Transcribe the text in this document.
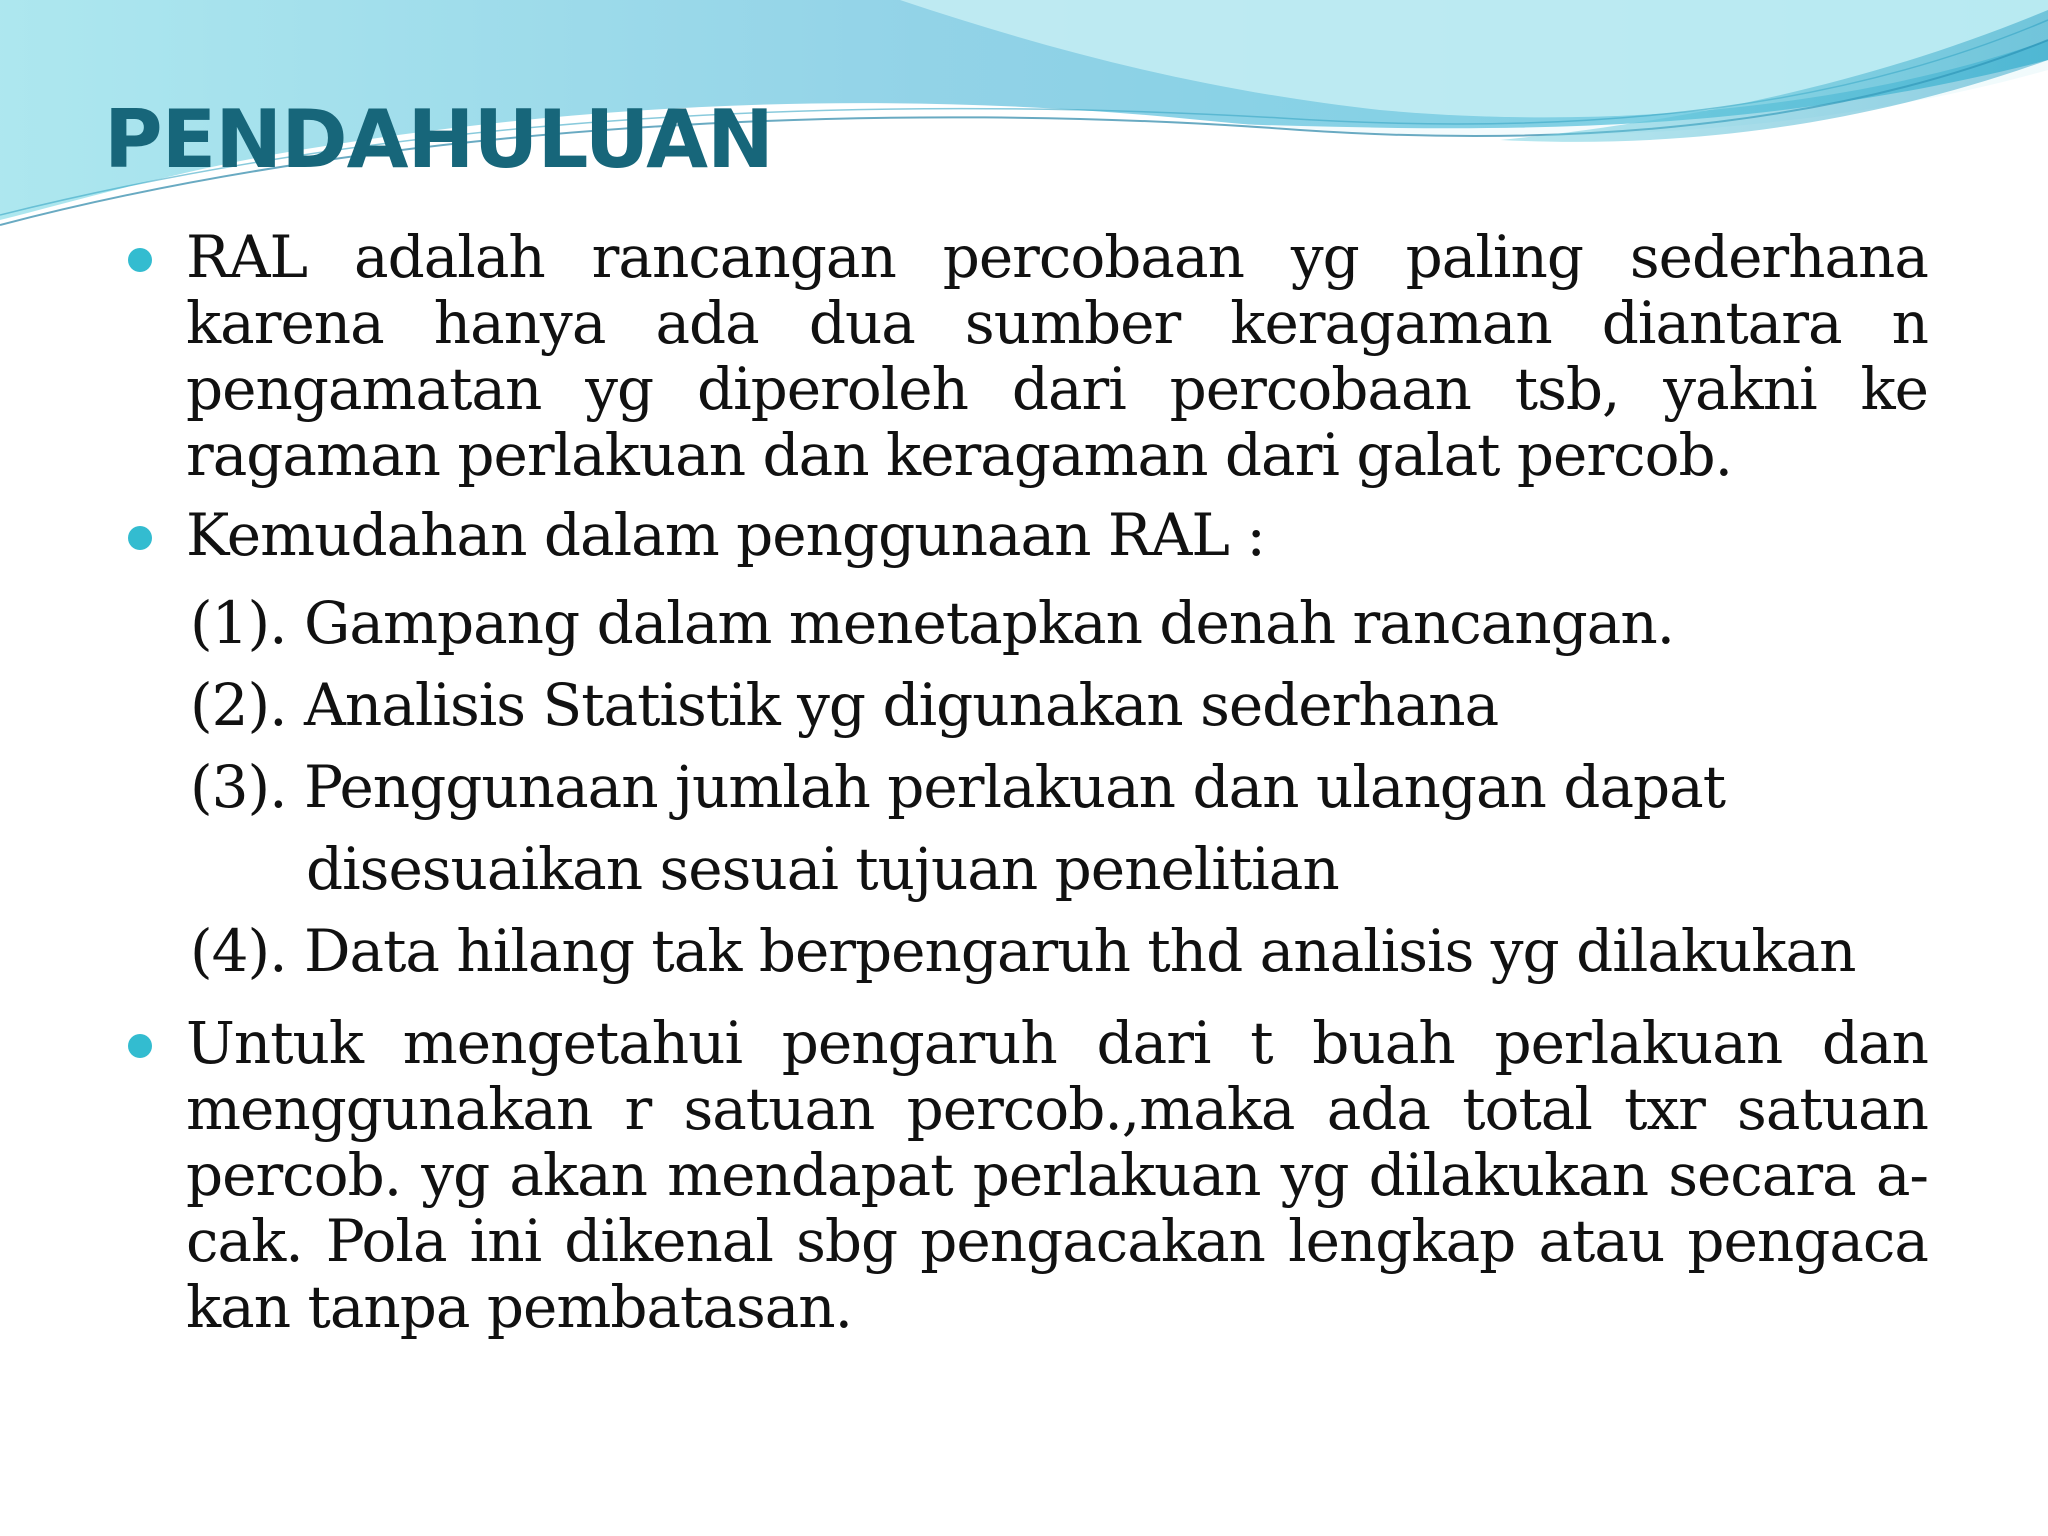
PENDAHULUAN

RAL adalah rancangan percobaan yg paling sederhana karena hanya ada dua sumber keragaman diantara n pengamatan yg diperoleh dari percobaan tsb, yakni ke ragaman perlakuan dan keragaman dari galat percob.

Kemudahan dalam penggunaan RAL :

(1). Gampang dalam menetapkan denah rancangan.
(2). Analisis Statistik yg digunakan sederhana
(3). Penggunaan jumlah perlakuan dan ulangan dapat
disesuaikan sesuai tujuan penelitian
(4). Data hilang tak berpengaruh thd analisis yg dilakukan

Untuk mengetahui pengaruh dari t buah perlakuan dan menggunakan r satuan percob.,maka ada total txr satuan percob. yg akan mendapat perlakuan yg dilakukan secara a-cak. Pola ini dikenal sbg pengacakan lengkap atau pengaca kan tanpa pembatasan.
